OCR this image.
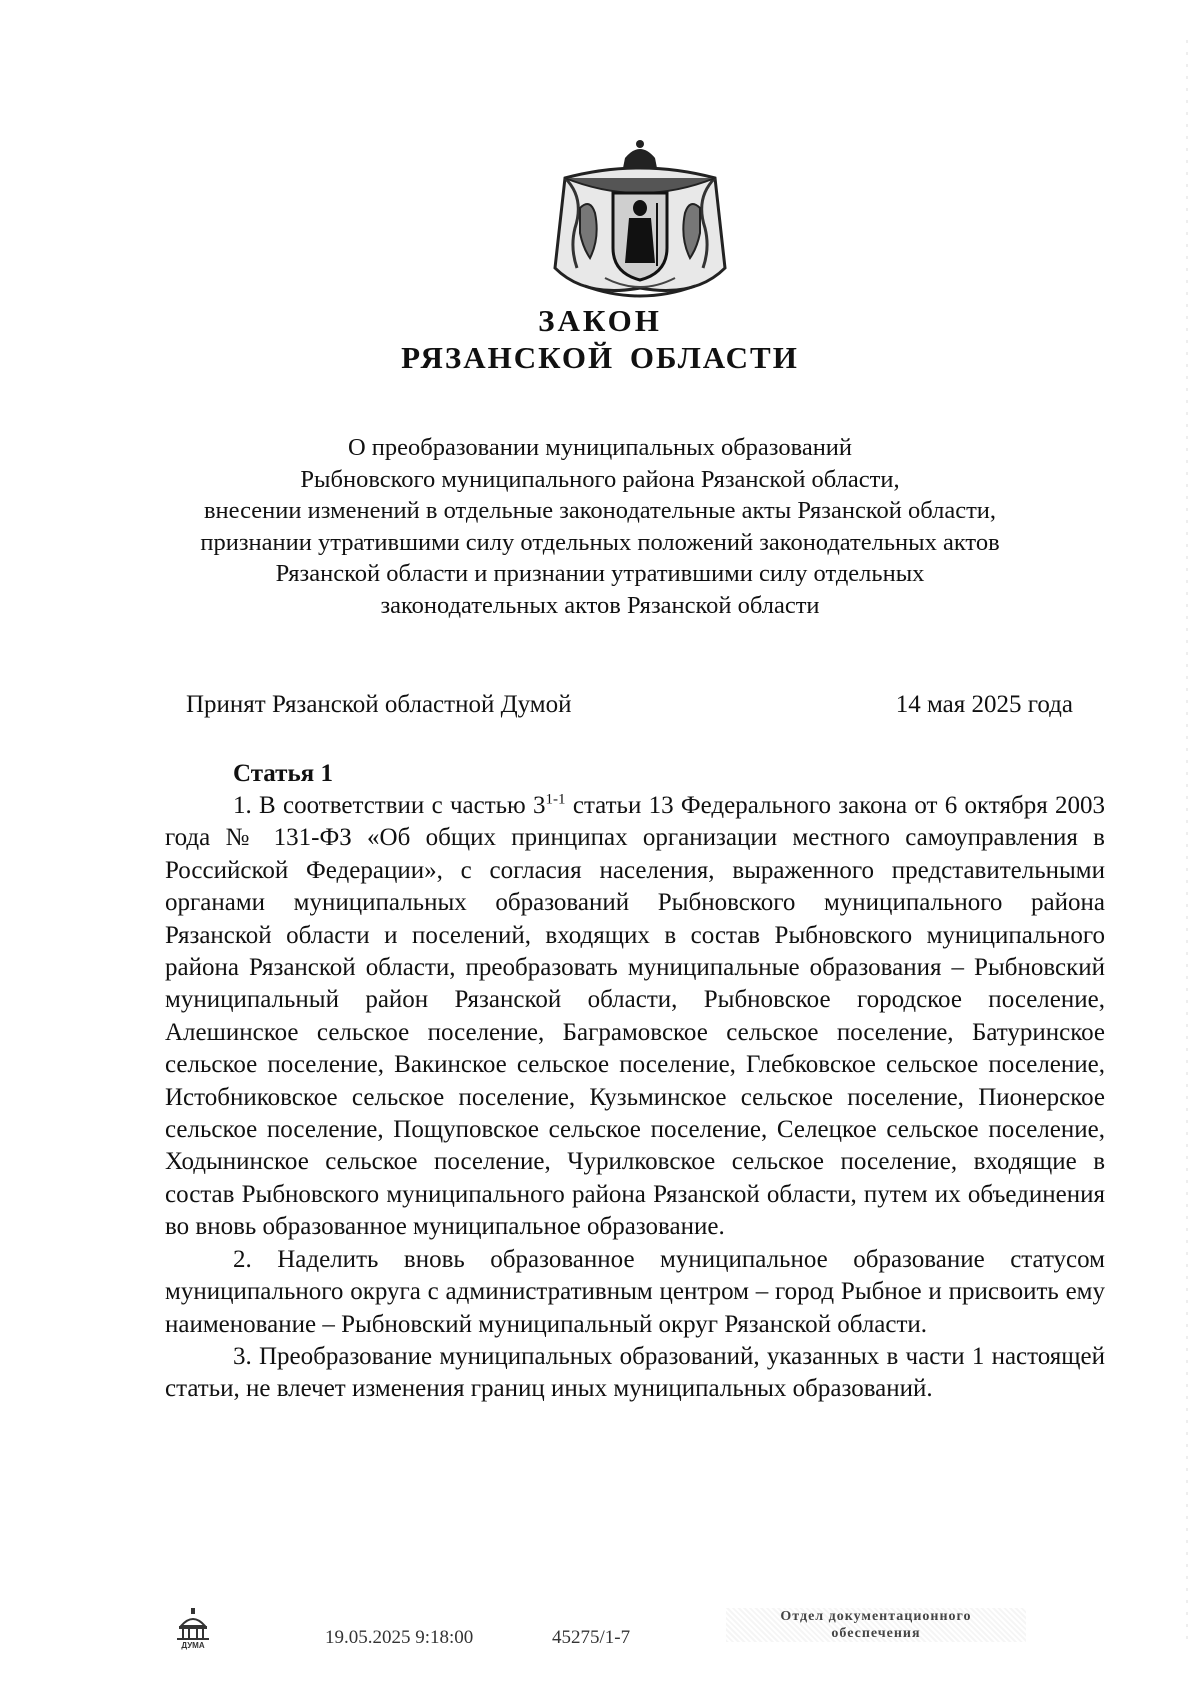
ЗАКОН
РЯЗАНСКОЙ ОБЛАСТИ
О преобразовании муниципальных образований
Рыбновского муниципального района Рязанской области,
внесении изменений в отдельные законодательные акты Рязанской области,
признании утратившими силу отдельных положений законодательных актов
Рязанской области и признании утратившими силу отдельных
законодательных актов Рязанской области
Принят Рязанской областной Думой	14 мая 2025 года
Статья 1

1. В соответствии с частью 3$^{1-1}$ статьи 13 Федерального закона от 6 октября 2003 года № 131-ФЗ «Об общих принципах организации местного самоуправления в Российской Федерации», с согласия населения, выраженного представительными органами муниципальных образований Рыбновского муниципального района Рязанской области и поселений, входящих в состав Рыбновского муниципального района Рязанской области, преобразовать муниципальные образования – Рыбновский муниципальный район Рязанской области, Рыбновское городское поселение, Алешинское сельское поселение, Баграмовское сельское поселение, Батуринское сельское поселение, Вакинское сельское поселение, Глебковское сельское поселение, Истобниковское сельское поселение, Кузьминское сельское поселение, Пионерское сельское поселение, Пощуповское сельское поселение, Селецкое сельское поселение, Ходынинское сельское поселение, Чурилковское сельское поселение, входящие в состав Рыбновского муниципального района Рязанской области, путем их объединения во вновь образованное муниципальное образование.

2. Наделить вновь образованное муниципальное образование статусом муниципального округа с административным центром – город Рыбное и присвоить ему наименование – Рыбновский муниципальный округ Рязанской области.

3. Преобразование муниципальных образований, указанных в части 1 настоящей статьи, не влечет изменения границ иных муниципальных образований.

ДУМА	19.05.2025 9:18:00	45275/1-7
Отдел документационного
обеспечения
